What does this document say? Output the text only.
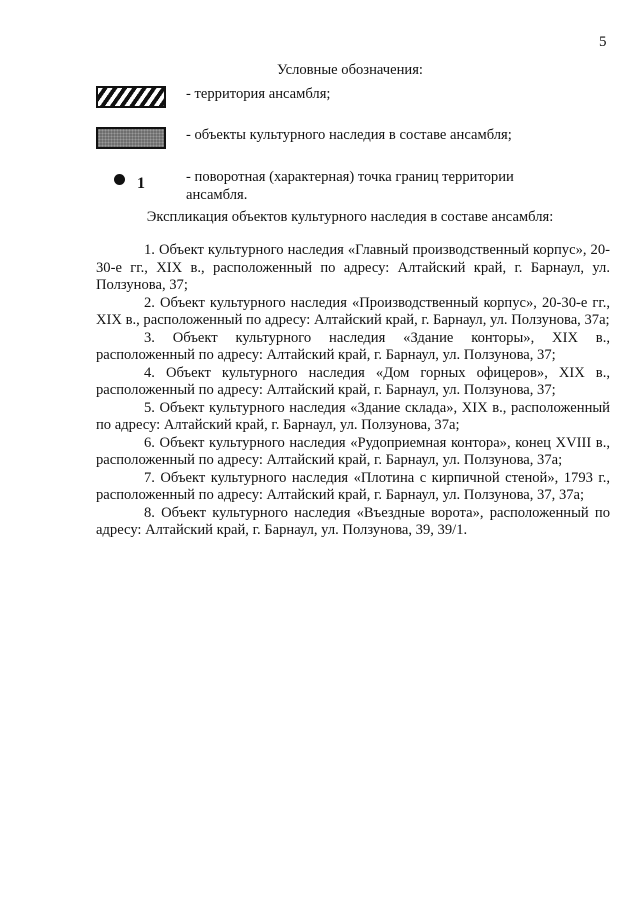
5
Условные обозначения:
- территория ансамбля;
- объекты культурного наследия в составе ансамбля;
1	- поворотная (характерная) точка границ территории ансамбля.
Экспликация объектов культурного наследия в составе ансамбля:

1. Объект культурного наследия «Главный производственный корпус», 20-30-е гг., XIX в., расположенный по адресу: Алтайский край, г. Барнаул, ул. Ползунова, 37;

2. Объект культурного наследия «Производственный корпус», 20-30-е гг., XIX в., расположенный по адресу: Алтайский край, г. Барнаул, ул. Ползунова, 37а;

3. Объект культурного наследия «Здание конторы», XIX в., расположенный по адресу: Алтайский край, г. Барнаул, ул. Ползунова, 37;

4. Объект культурного наследия «Дом горных офицеров», XIX в., расположенный по адресу: Алтайский край, г. Барнаул, ул. Ползунова, 37;

5. Объект культурного наследия «Здание склада», XIX в., расположенный по адресу: Алтайский край, г. Барнаул, ул. Ползунова, 37а;

6. Объект культурного наследия «Рудоприемная контора», конец XVIII в., расположенный по адресу: Алтайский край, г. Барнаул, ул. Ползунова, 37а;

7. Объект культурного наследия «Плотина с кирпичной стеной», 1793 г., расположенный по адресу: Алтайский край, г. Барнаул, ул. Ползунова, 37, 37а;

8. Объект культурного наследия «Въездные ворота», расположенный по адресу: Алтайский край, г. Барнаул, ул. Ползунова, 39, 39/1.
